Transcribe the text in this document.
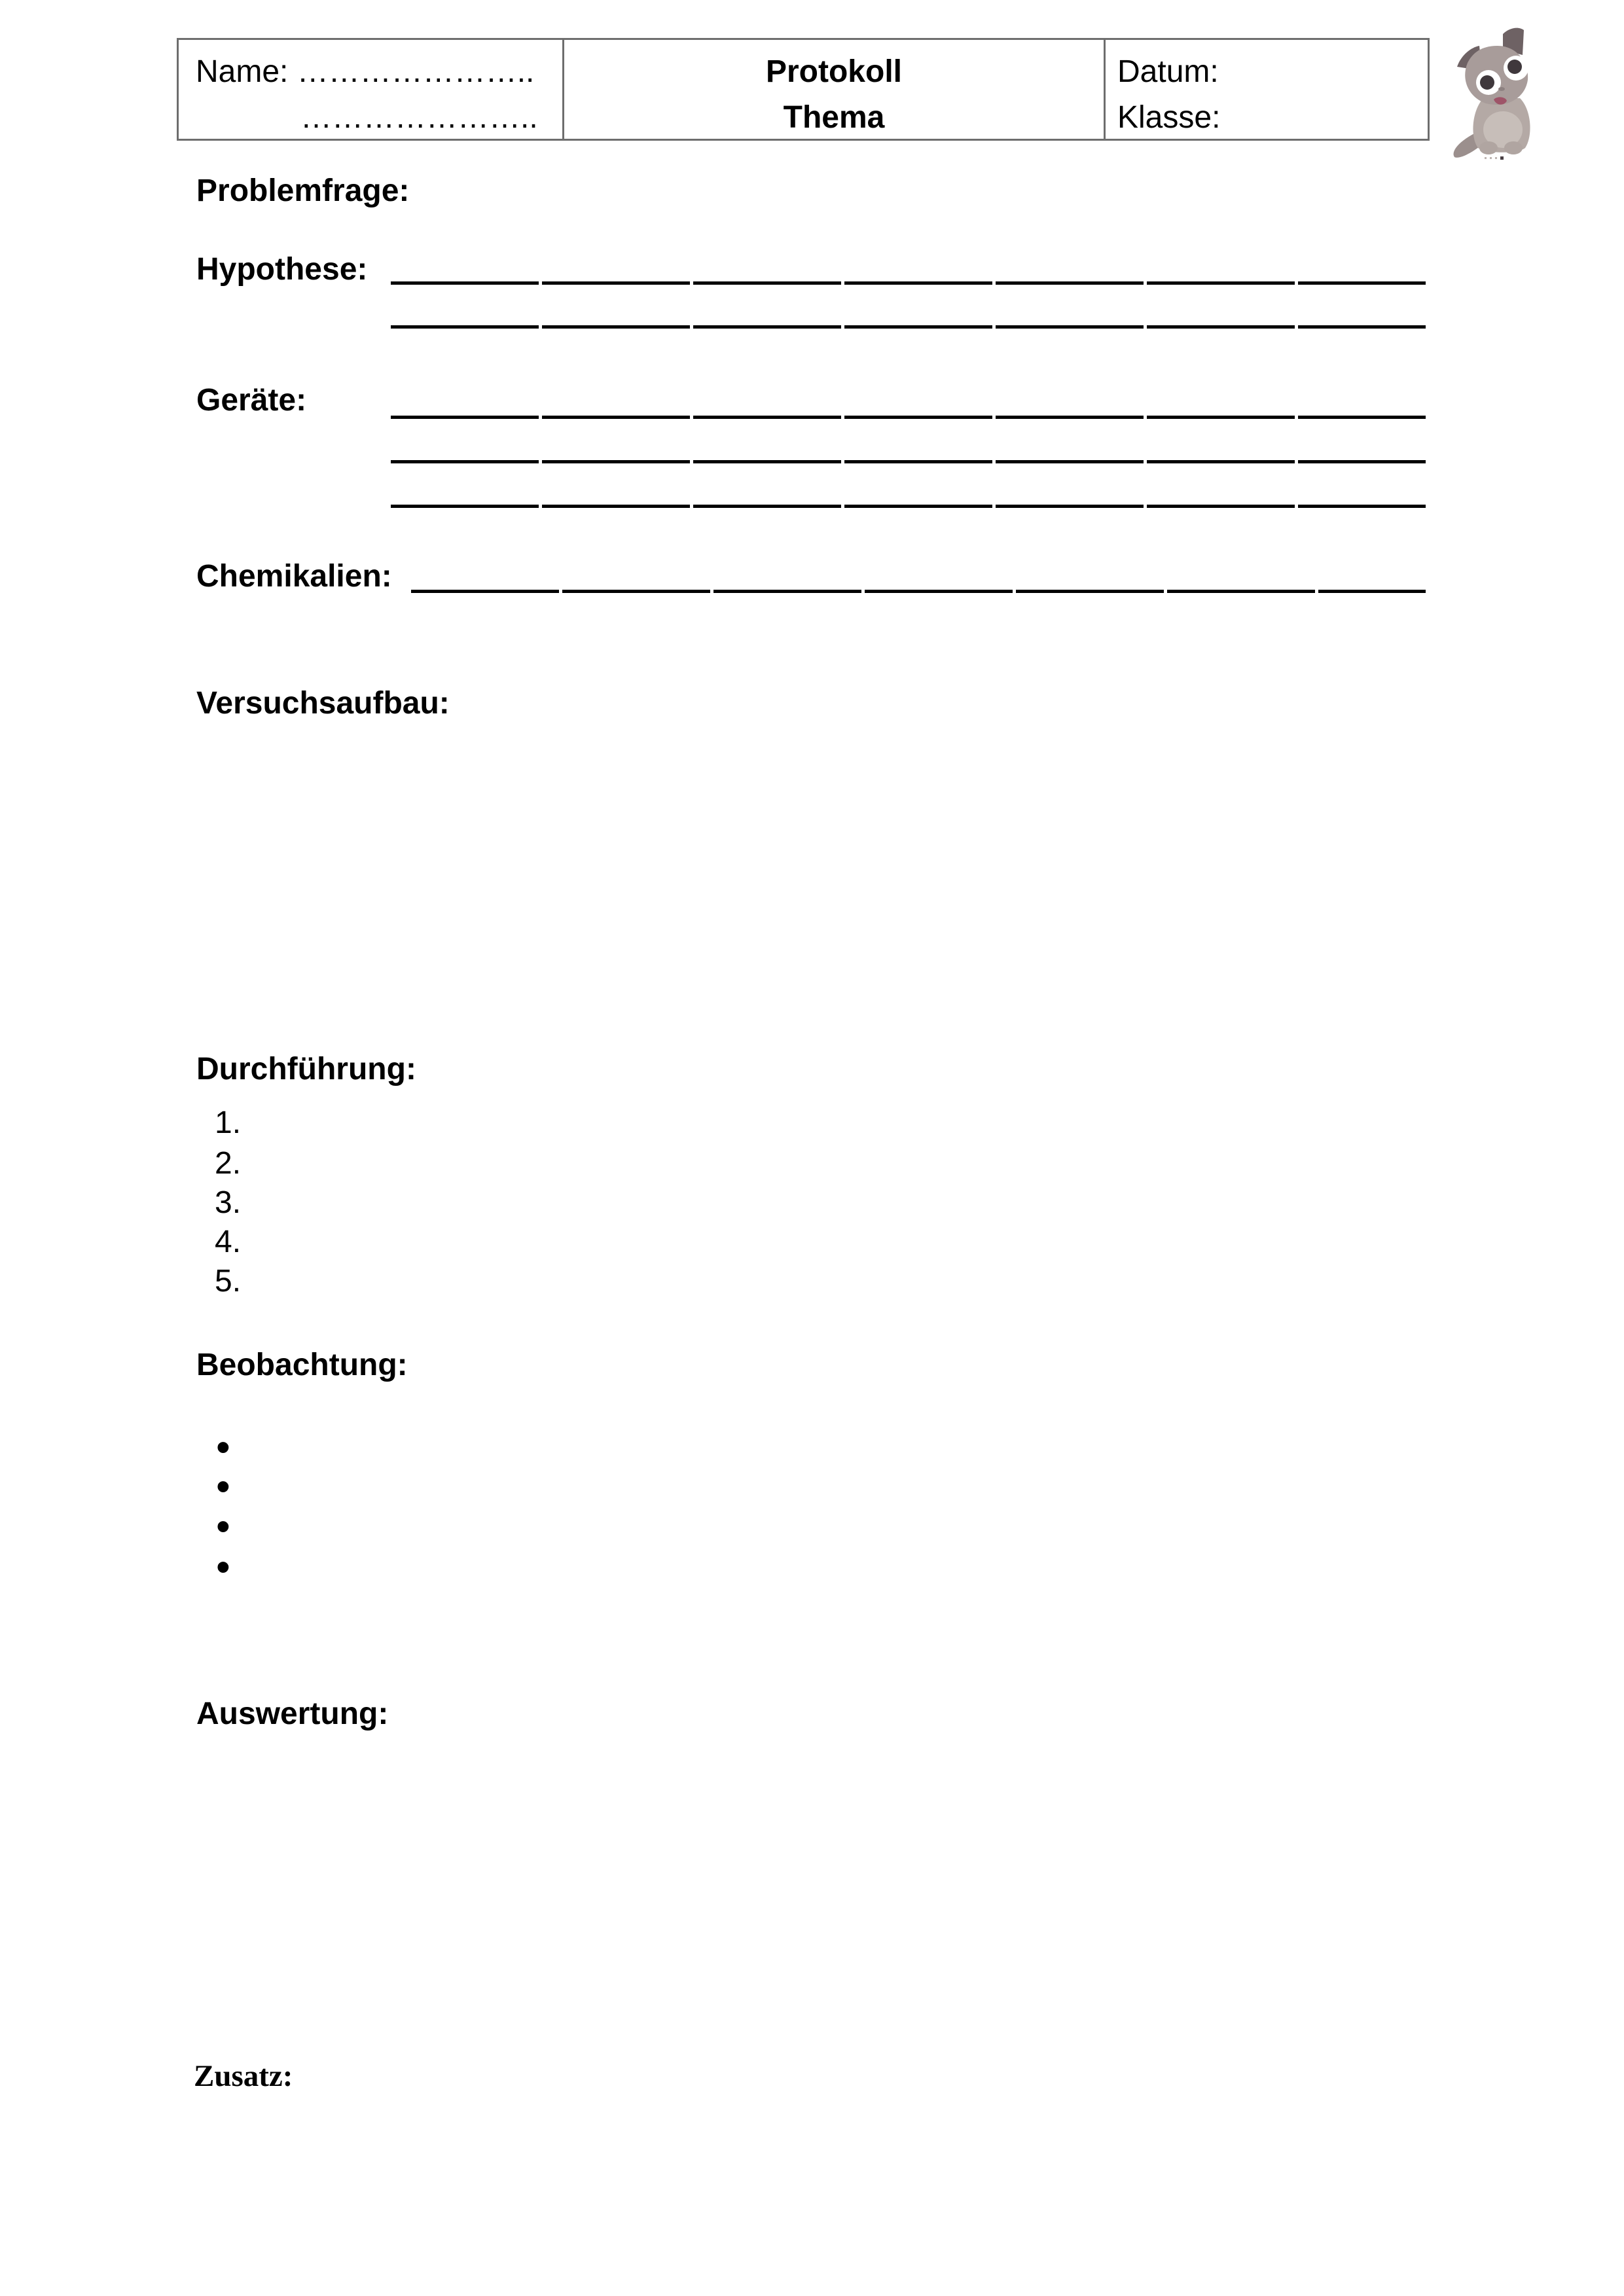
Name: …………………..
…………………..
Protokoll
Thema
Datum:
Klasse:
Problemfrage:
Hypothese:
Geräte:
Chemikalien:
Versuchsaufbau:
Durchführung:
1.
2.
3.
4.
5.
Beobachtung:
•
•
•
•
Auswertung:
Zusatz:
